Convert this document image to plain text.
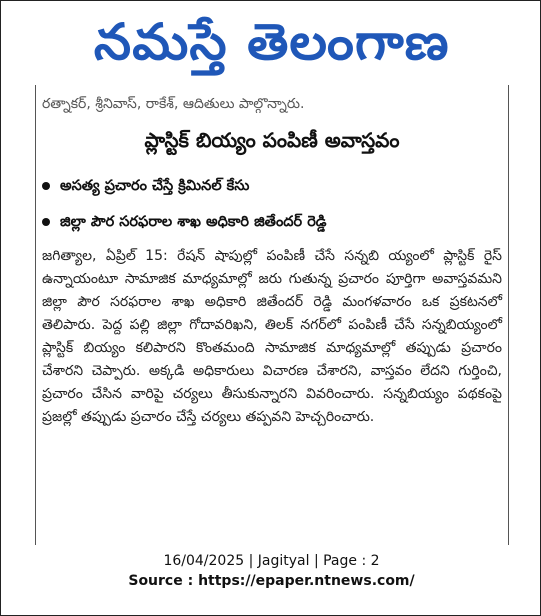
నమస్తే తెలంగాణ
రత్నాకర్, శ్రీనివాస్, రాకేశ్, ఆదితులు పాల్గొన్నారు.
ప్లాస్టిక్ బియ్యం పంపిణీ అవాస్తవం
అసత్య ప్రచారం చేస్తే క్రిమినల్ కేసు
జిల్లా పౌర సరఫరాల శాఖ అధికారి జితేందర్ రెడ్డి

జగిత్యాల, ఏప్రిల్ 15: రేషన్ షాపుల్లో పంపిణీ చేసే సన్నబి య్యంలో ప్లాస్టిక్ రైస్ ఉన్నాయంటూ సామాజిక మాధ్యమాల్లో జరు గుతున్న ప్రచారం పూర్తిగా అవాస్తవమని జిల్లా పౌర సరఫరాల శాఖ అధికారి జితేందర్ రెడ్డి మంగళవారం ఒక ప్రకటనలో తెలిపారు. పెద్ద పల్లి జిల్లా గోదావరిఖని, తిలక్ నగర్‌లో పంపిణీ చేసే సన్నబియ్యంలో ప్లాస్టిక్ బియ్యం కలిపారని కొంతమంది సామాజిక మాధ్యమాల్లో తప్పుడు ప్రచారం చేశారని చెప్పారు. అక్కడి అధికారులు విచారణ చేశారని, వాస్తవం లేదని గుర్తించి, ప్రచారం చేసిన వారిపై చర్యలు తీసుకున్నారని వివరించారు. సన్నబియ్యం పథకంపై ప్రజల్లో తప్పుడు ప్రచారం చేస్తే చర్యలు తప్పవని హెచ్చరించారు.

16/04/2025 | Jagityal | Page : 2
Source : https://epaper.ntnews.com/
